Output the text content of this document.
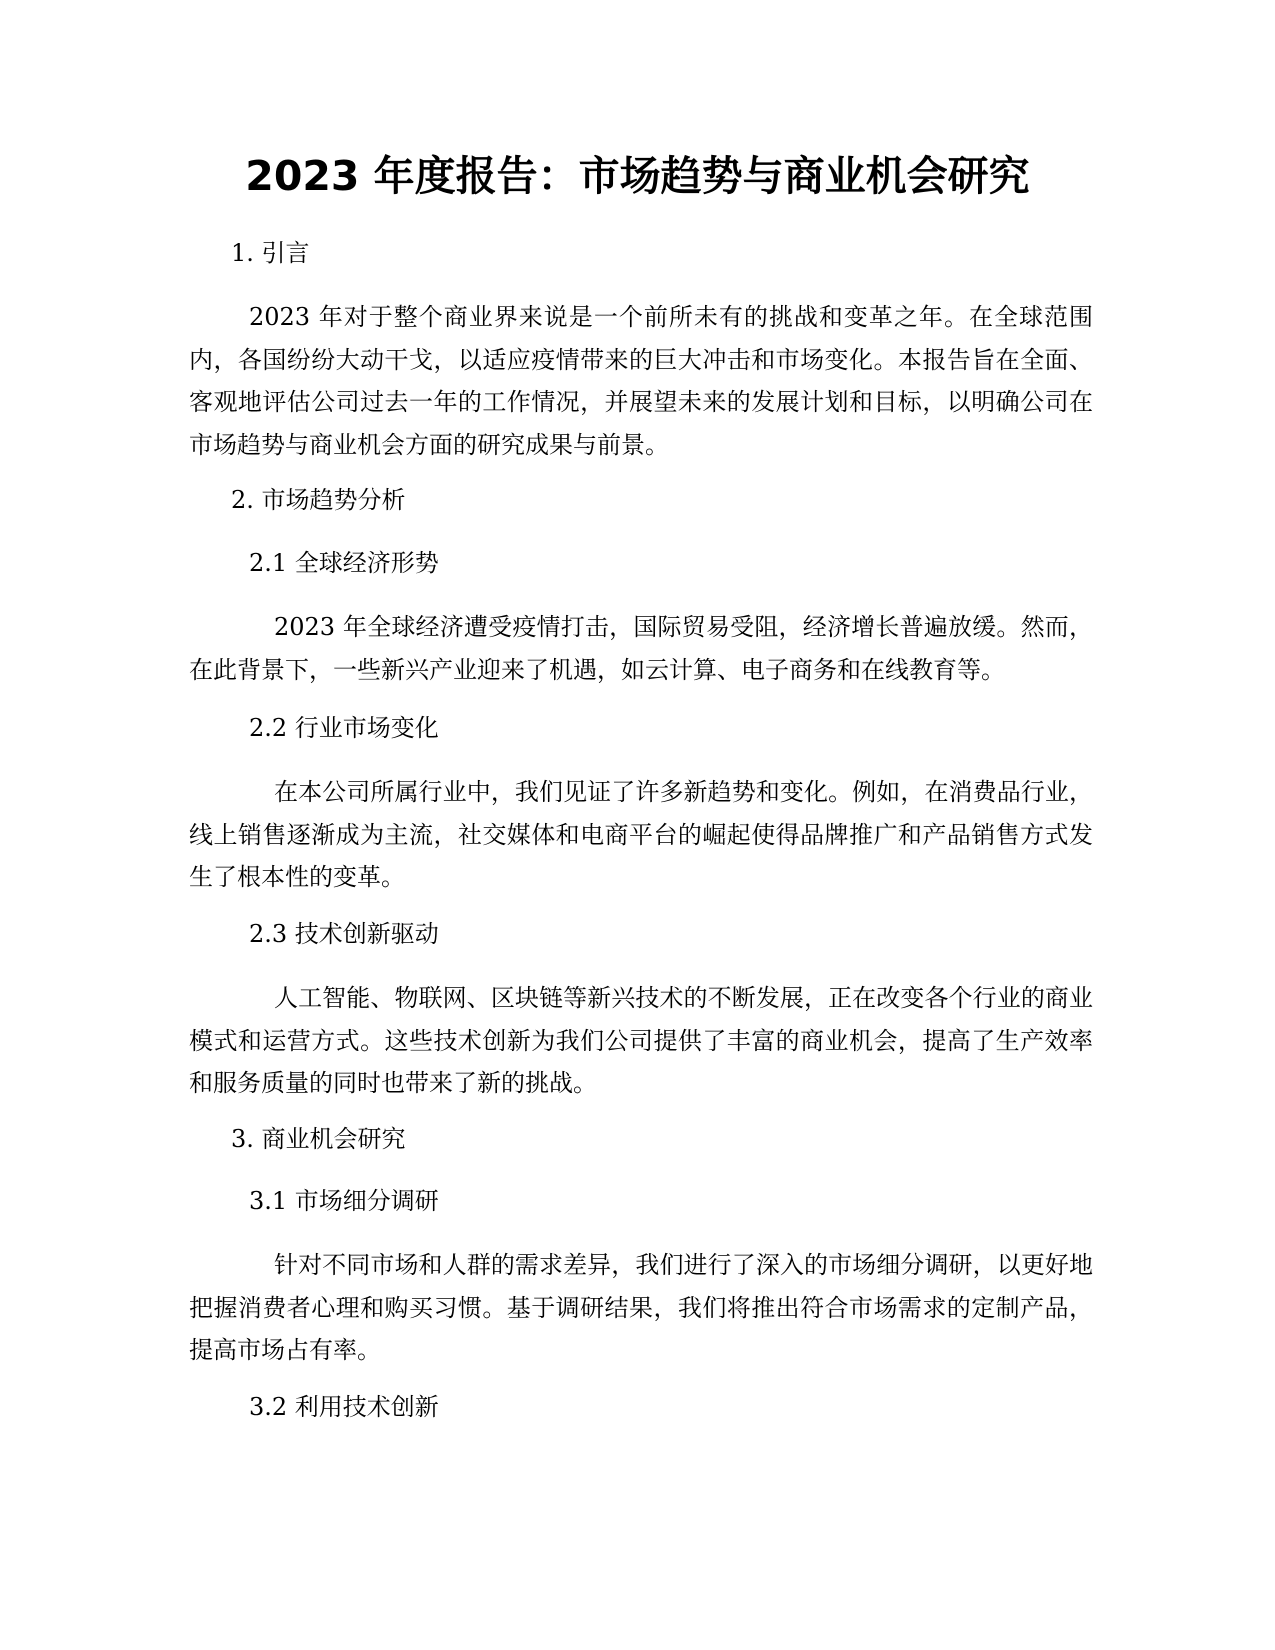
2023 年度报告：市场趋势与商业机会研究

1. 引言

2023 年对于整个商业界来说是一个前所未有的挑战和变革之年。在全球范围内，各国纷纷大动干戈，以适应疫情带来的巨大冲击和市场变化。本报告旨在全面、客观地评估公司过去一年的工作情况，并展望未来的发展计划和目标，以明确公司在市场趋势与商业机会方面的研究成果与前景。

2. 市场趋势分析

2.1 全球经济形势

2023 年全球经济遭受疫情打击，国际贸易受阻，经济增长普遍放缓。然而，在此背景下，一些新兴产业迎来了机遇，如云计算、电子商务和在线教育等。

2.2 行业市场变化

在本公司所属行业中，我们见证了许多新趋势和变化。例如，在消费品行业，线上销售逐渐成为主流，社交媒体和电商平台的崛起使得品牌推广和产品销售方式发生了根本性的变革。

2.3 技术创新驱动

人工智能、物联网、区块链等新兴技术的不断发展，正在改变各个行业的商业模式和运营方式。这些技术创新为我们公司提供了丰富的商业机会，提高了生产效率和服务质量的同时也带来了新的挑战。

3. 商业机会研究

3.1 市场细分调研

针对不同市场和人群的需求差异，我们进行了深入的市场细分调研，以更好地把握消费者心理和购买习惯。基于调研结果，我们将推出符合市场需求的定制产品，提高市场占有率。

3.2 利用技术创新
